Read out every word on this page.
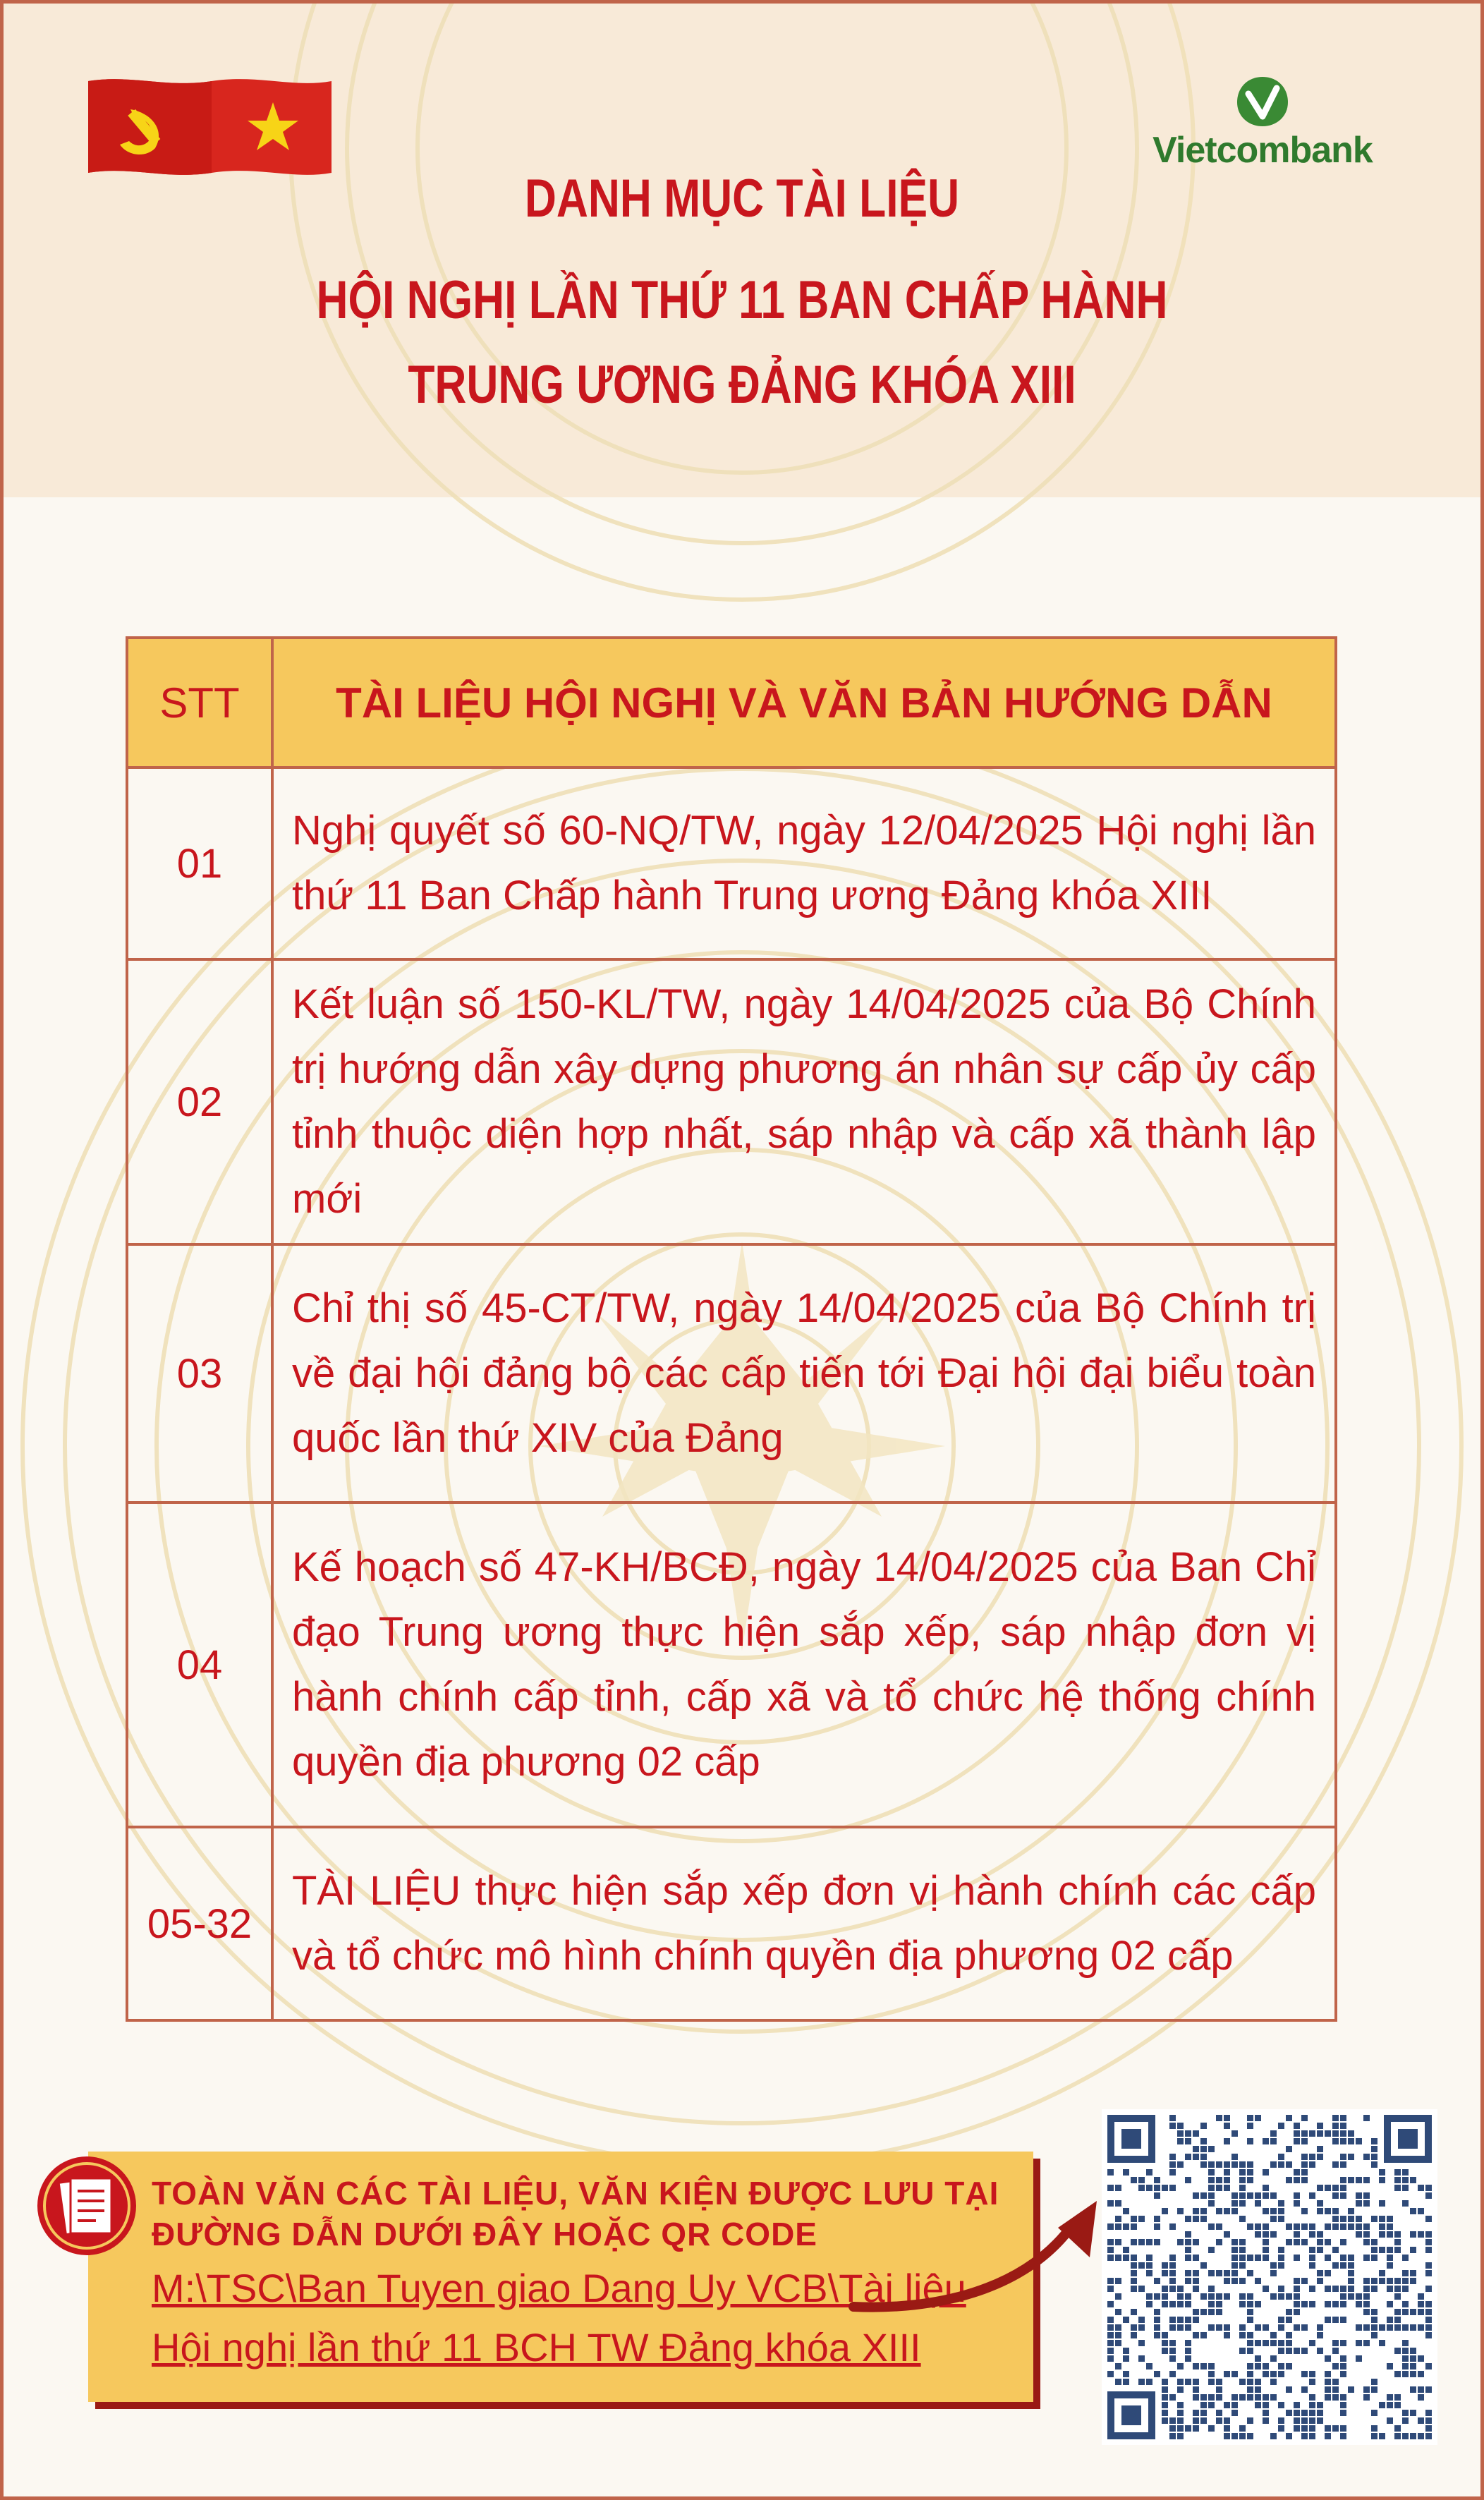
Vietcombank
DANH MỤC TÀI LIỆU
HỘI NGHỊ LẦN THỨ 11 BAN CHẤP HÀNH
TRUNG ƯƠNG ĐẢNG KHÓA XIII
STT	TÀI LIỆU HỘI NGHỊ VÀ VĂN BẢN HƯỚNG DẪN
01	Nghị quyết số 60-NQ/TW, ngày 12/04/2025 Hội nghị lần thứ 11 Ban Chấp hành Trung ương Đảng khóa XIII
02	Kết luận số 150-KL/TW, ngày 14/04/2025 của Bộ Chính trị hướng dẫn xây dựng phương án nhân sự cấp ủy cấp tỉnh thuộc diện hợp nhất, sáp nhập và cấp xã thành lập mới
03	Chỉ thị số 45-CT/TW, ngày 14/04/2025 của Bộ Chính trị về đại hội đảng bộ các cấp tiến tới Đại hội đại biểu toàn quốc lần thứ XIV của Đảng
04	Kế hoạch số 47-KH/BCĐ, ngày 14/04/2025 của Ban Chỉ đạo Trung ương thực hiện sắp xếp, sáp nhập đơn vị hành chính cấp tỉnh, cấp xã và tổ chức hệ thống chính quyền địa phương 02 cấp
05-32	TÀI LIỆU thực hiện sắp xếp đơn vị hành chính các cấp và tổ chức mô hình chính quyền địa phương 02 cấp
TOÀN VĂN CÁC TÀI LIỆU, VĂN KIỆN ĐƯỢC LƯU TẠI ĐƯỜNG DẪN DƯỚI ĐÂY HOẶC QR CODE
M:\TSC\Ban Tuyen giao Dang Uy VCB\Tài liệu
Hội nghị lần thứ 11 BCH TW Đảng khóa XIII
